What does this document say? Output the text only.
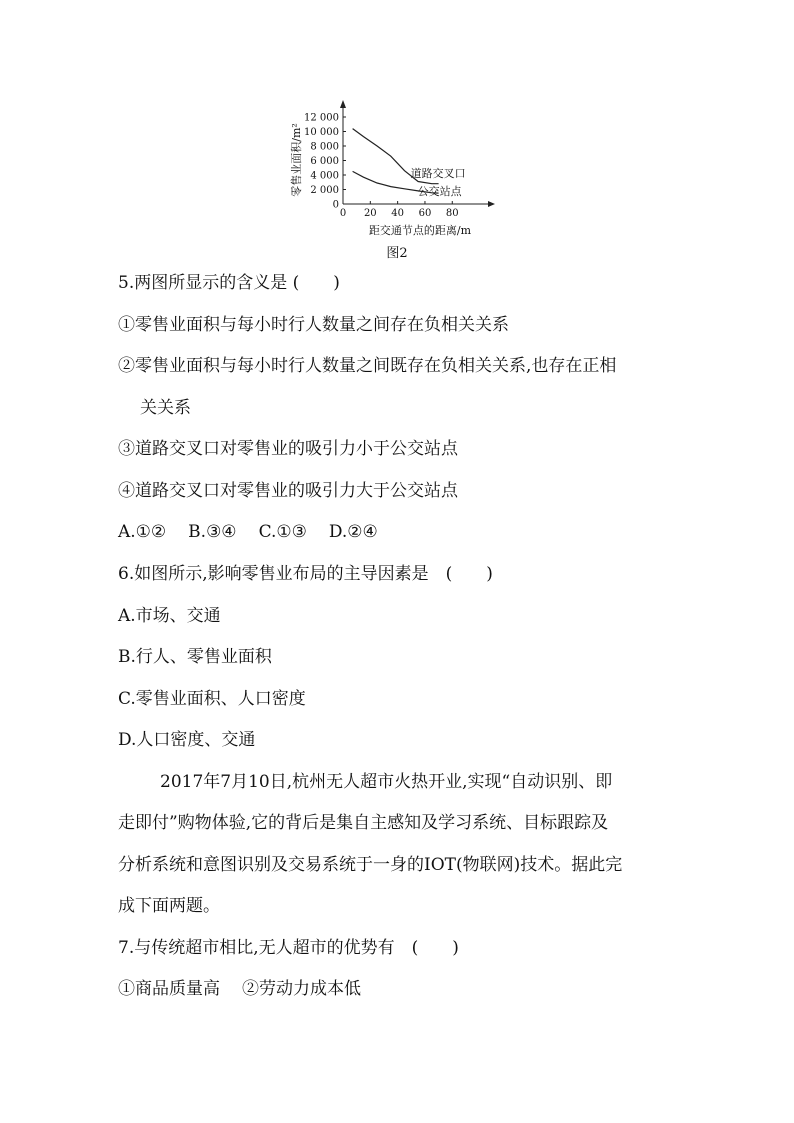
0 20 40 60 80
0
2 000
4 000
6 000
8 000
10 000
12 000
道路交叉口
公交站点
零售业面积/m²
距交通节点的距离/m
图2
5.两图所显示的含义是 (　　)
①零售业面积与每小时行人数量之间存在负相关关系
②零售业面积与每小时行人数量之间既存在负相关关系,也存在正相
关关系
③道路交叉口对零售业的吸引力小于公交站点
④道路交叉口对零售业的吸引力大于公交站点
A.①② B.③④ C.①③ D.②④
6.如图所示,影响零售业布局的主导因素是　(　　)
A.市场、交通
B.行人、零售业面积
C.零售业面积、人口密度
D.人口密度、交通
2017年7月10日,杭州无人超市火热开业,实现“自动识别、即
走即付”购物体验,它的背后是集自主感知及学习系统、目标跟踪及
分析系统和意图识别及交易系统于一身的IOT(物联网)技术。据此完
成下面两题。
7.与传统超市相比,无人超市的优势有　(　　)
①商品质量高 ②劳动力成本低
